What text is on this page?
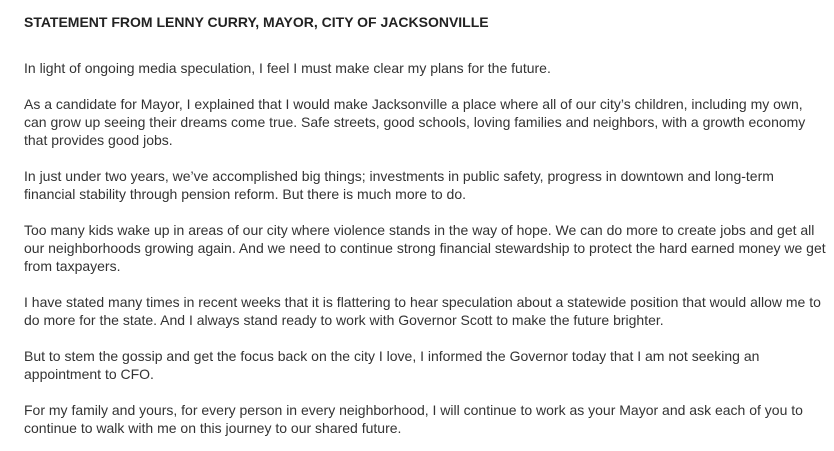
STATEMENT FROM LENNY CURRY, MAYOR, CITY OF JACKSONVILLE

In light of ongoing media speculation, I feel I must make clear my plans for the future.

As a candidate for Mayor, I explained that I would make Jacksonville a place where all of our city’s children, including my own, can grow up seeing their dreams come true. Safe streets, good schools, loving families and neighbors, with a growth economy that provides good jobs.

In just under two years, we’ve accomplished big things; investments in public safety, progress in downtown and long-term financial stability through pension reform. But there is much more to do.

Too many kids wake up in areas of our city where violence stands in the way of hope. We can do more to create jobs and get all our neighborhoods growing again. And we need to continue strong financial stewardship to protect the hard earned money we get from taxpayers.

I have stated many times in recent weeks that it is flattering to hear speculation about a statewide position that would allow me to do more for the state. And I always stand ready to work with Governor Scott to make the future brighter.

But to stem the gossip and get the focus back on the city I love, I informed the Governor today that I am not seeking an appointment to CFO.

For my family and yours, for every person in every neighborhood, I will continue to work as your Mayor and ask each of you to continue to walk with me on this journey to our shared future.
